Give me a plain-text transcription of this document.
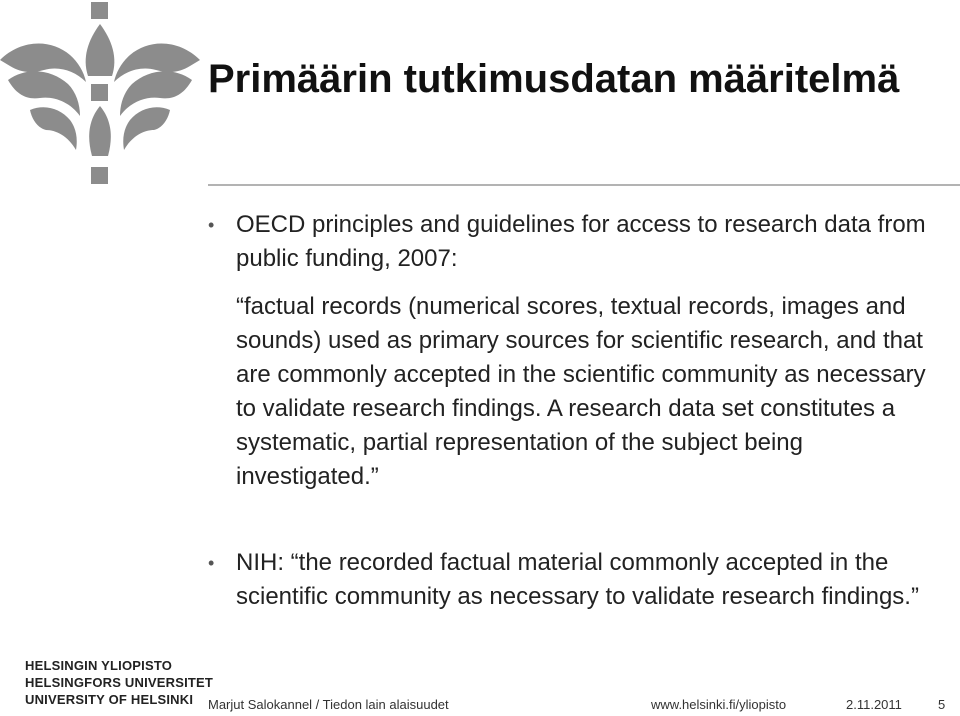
Primäärin tutkimusdatan määritelmä
• OECD principles and guidelines for access to research data from public funding, 2007:
“factual records (numerical scores, textual records, images and sounds) used as primary sources for scientific research, and that are commonly accepted in the scientific community as necessary to validate research findings. A research data set constitutes a systematic, partial representation of the subject being investigated.”
• NIH: “the recorded factual material commonly accepted in the scientific community as necessary to validate research findings.”
HELSINGIN YLIOPISTO
HELSINGFORS UNIVERSITET
UNIVERSITY OF HELSINKI	Marjut Salokannel / Tiedon lain alaisuudet	www.helsinki.fi/yliopisto	2.11.2011	5
